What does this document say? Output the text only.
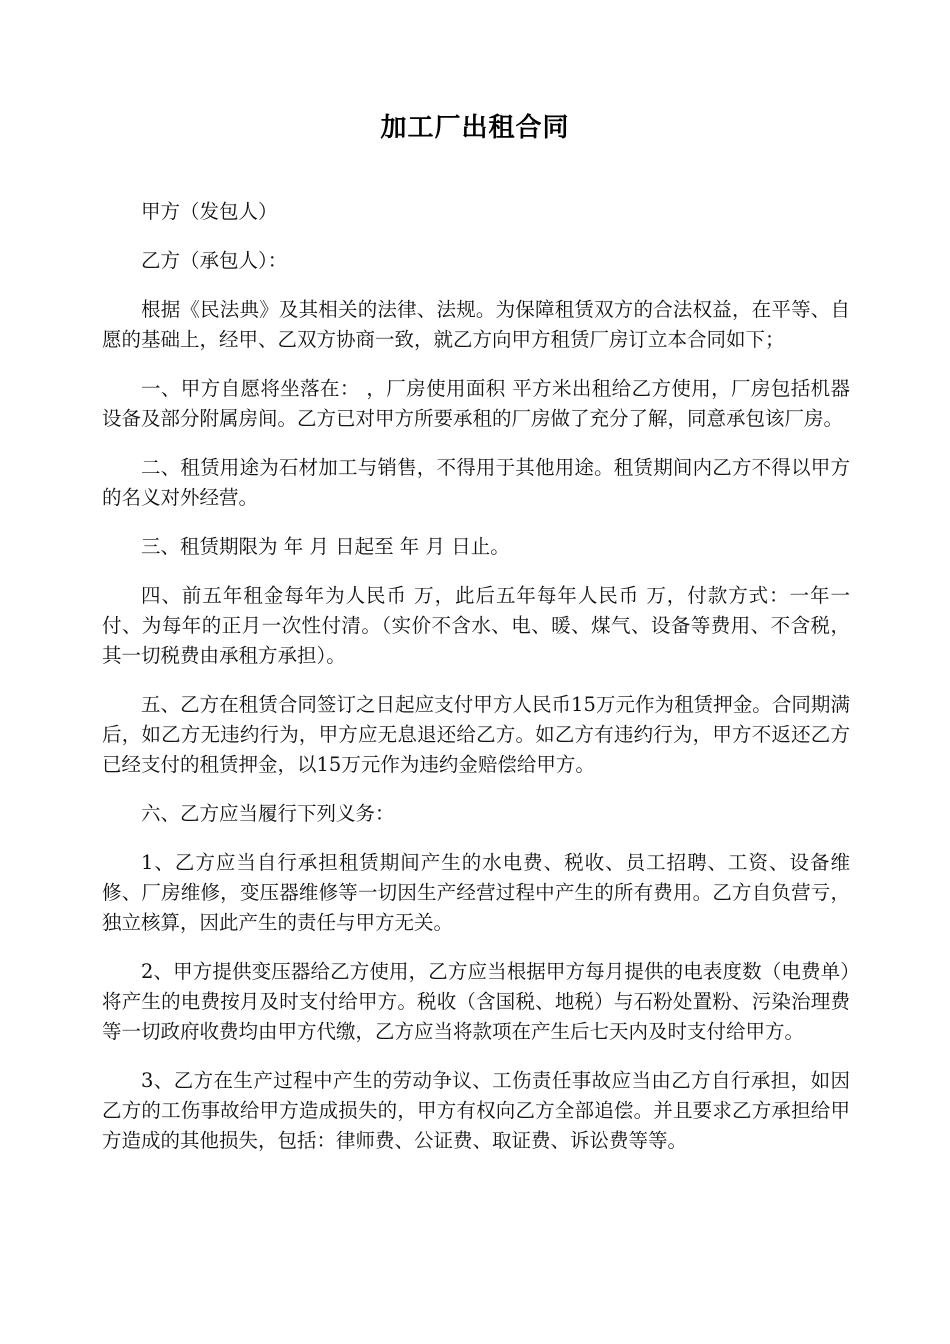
加工厂出租合同

甲方（发包人）

乙方（承包人）：

根据《民法典》及其相关的法律、法规。为保障租赁双方的合法权益，在平等、自愿的基础上，经甲、乙双方协商一致，就乙方向甲方租赁厂房订立本合同如下；

一、甲方自愿将坐落在： ，厂房使用面积 平方米出租给乙方使用，厂房包括机器设备及部分附属房间。乙方已对甲方所要承租的厂房做了充分了解，同意承包该厂房。

二、租赁用途为石材加工与销售，不得用于其他用途。租赁期间内乙方不得以甲方的名义对外经营。

三、租赁期限为 年 月 日起至 年 月 日止。

四、前五年租金每年为人民币 万，此后五年每年人民币 万，付款方式：一年一付、为每年的正月一次性付清。（实价不含水、电、暖、煤气、设备等费用、不含税，其一切税费由承租方承担）。

五、乙方在租赁合同签订之日起应支付甲方人民币15万元作为租赁押金。合同期满后，如乙方无违约行为，甲方应无息退还给乙方。如乙方有违约行为，甲方不返还乙方已经支付的租赁押金，以15万元作为违约金赔偿给甲方。

六、乙方应当履行下列义务：

1、乙方应当自行承担租赁期间产生的水电费、税收、员工招聘、工资、设备维修、厂房维修，变压器维修等一切因生产经营过程中产生的所有费用。乙方自负营亏，独立核算，因此产生的责任与甲方无关。

2、甲方提供变压器给乙方使用，乙方应当根据甲方每月提供的电表度数（电费单）将产生的电费按月及时支付给甲方。税收（含国税、地税）与石粉处置粉、污染治理费等一切政府收费均由甲方代缴，乙方应当将款项在产生后七天内及时支付给甲方。

3、乙方在生产过程中产生的劳动争议、工伤责任事故应当由乙方自行承担，如因乙方的工伤事故给甲方造成损失的，甲方有权向乙方全部追偿。并且要求乙方承担给甲方造成的其他损失，包括：律师费、公证费、取证费、诉讼费等等。
